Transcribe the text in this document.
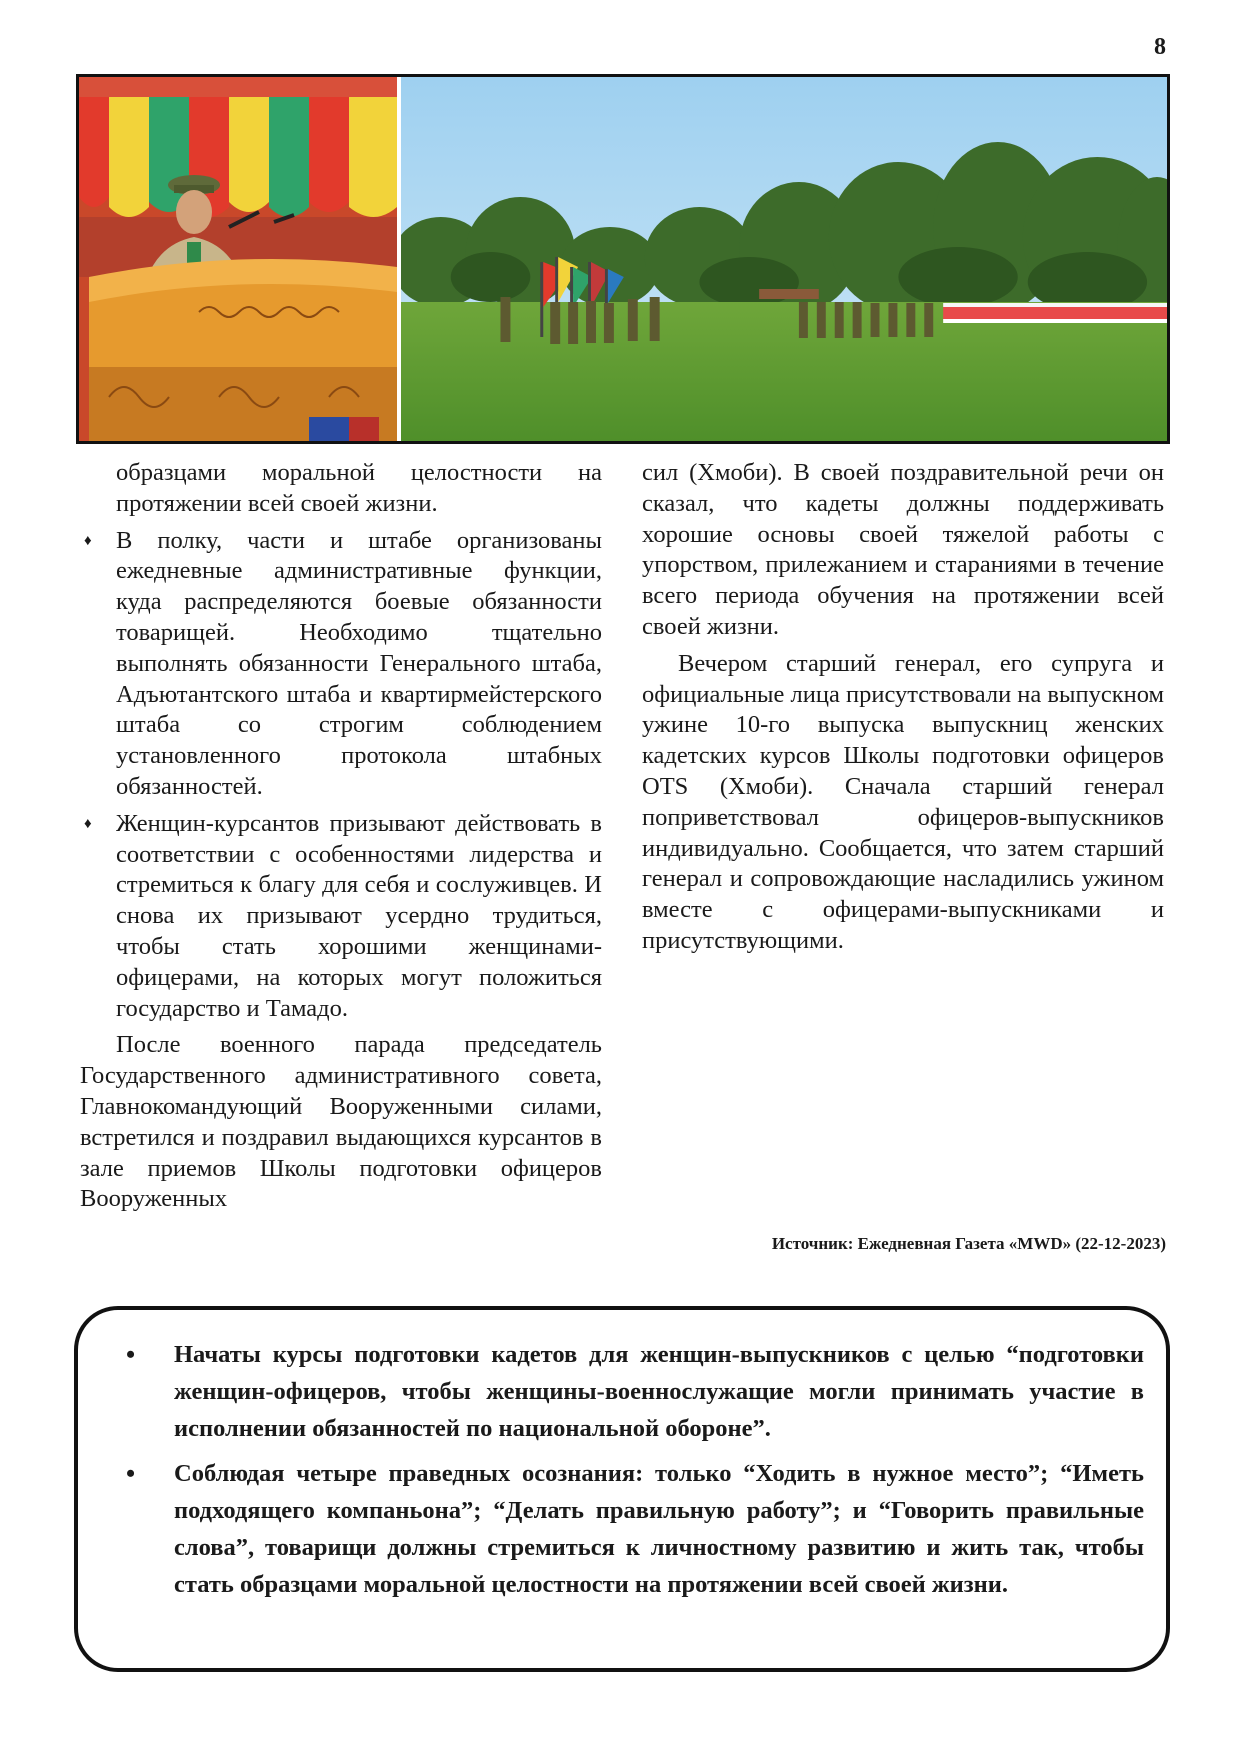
8

образцами моральной целостности на протяжении всей своей жизни.

♦ В полку, части и штабе организованы ежедневные административные функции, куда распределяются боевые обязанности товарищей. Необходимо тщательно выполнять обязанности Генерального штаба, Адъютантского штаба и квартирмейстерского штаба со строгим соблюдением установленного протокола штабных обязанностей.
♦ Женщин-курсантов призывают действовать в соответствии с особенностями лидерства и стремиться к благу для себя и сослуживцев. И снова их призывают усердно трудиться, чтобы стать хорошими женщинами-офицерами, на которых могут положиться государство и Тамадо.

После военного парада председатель Государственного административного совета, Главнокомандующий Вооруженными силами, встретился и поздравил выдающихся курсантов в зале приемов Школы подготовки офицеров Вооруженных

сил (Хмоби). В своей поздравительной речи он сказал, что кадеты должны поддерживать хорошие основы своей тяжелой работы с упорством, прилежанием и стараниями в течение всего периода обучения на протяжении всей своей жизни.

Вечером старший генерал, его супруга и официальные лица присутствовали на выпускном ужине 10-го выпуска выпускниц женских кадетских курсов Школы подготовки офицеров OTS (Хмоби). Сначала старший генерал поприветствовал офицеров-выпускников индивидуально. Сообщается, что затем старший генерал и сопровождающие насладились ужином вместе с офицерами-выпускниками и присутствующими.

Источник: Ежедневная Газета «MWD» (22-12-2023)
• Начаты курсы подготовки кадетов для женщин-выпускников с целью “подготовки женщин-офицеров, чтобы женщины-военнослужащие могли принимать участие в исполнении обязанностей по национальной обороне”.
• Соблюдая четыре праведных осознания: только “Ходить в нужное место”; “Иметь подходящего компаньона”; “Делать правильную работу”; и “Говорить правильные слова”, товарищи должны стремиться к личностному развитию и жить так, чтобы стать образцами моральной целостности на протяжении всей своей жизни.
